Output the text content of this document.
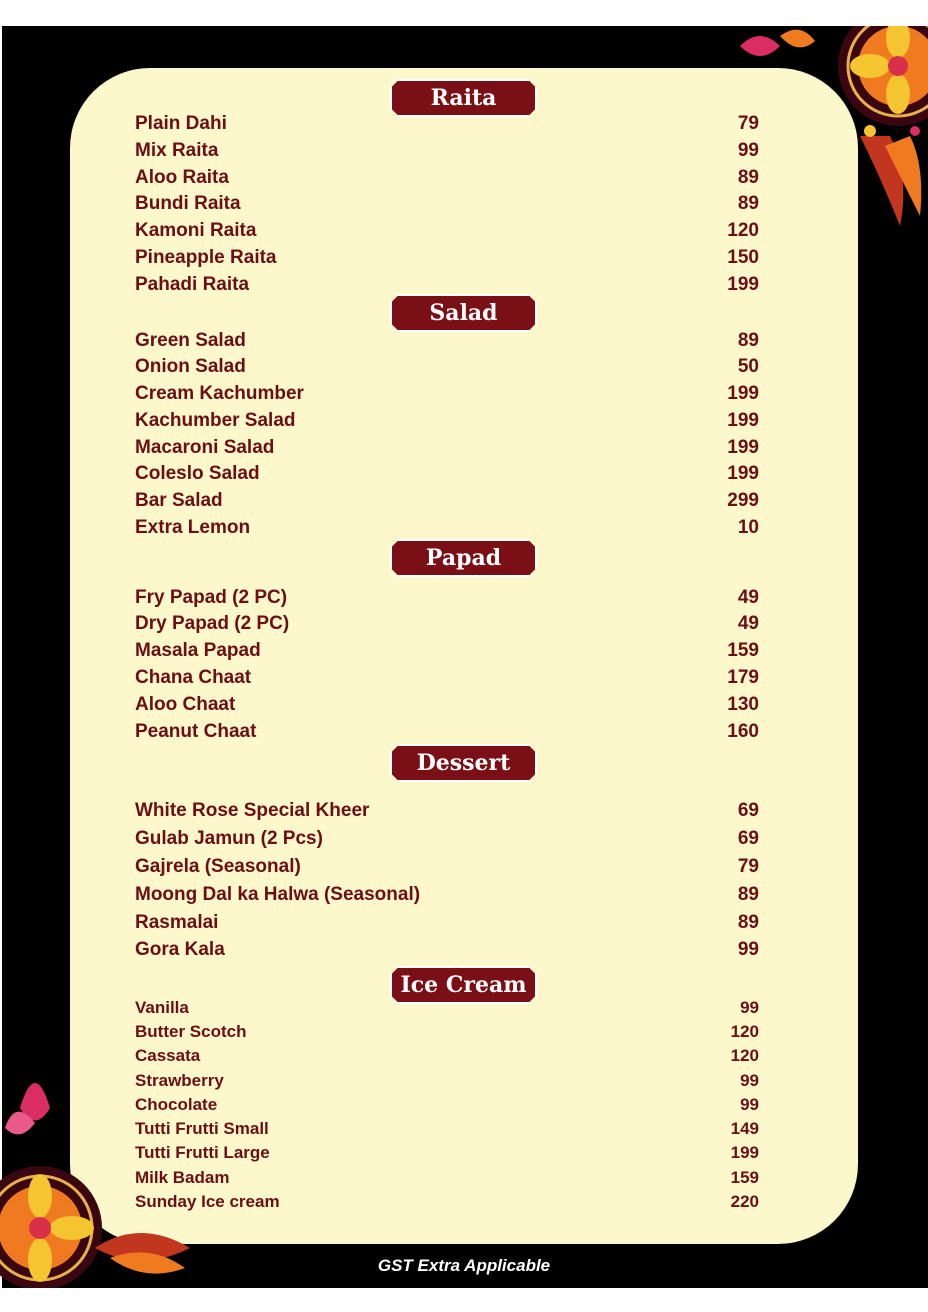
Raita
Plain Dahi	79
Mix Raita	99
Aloo Raita	89
Bundi Raita	89
Kamoni Raita	120
Pineapple Raita	150
Pahadi Raita	199
Salad
Green Salad	89
Onion Salad	50
Cream Kachumber	199
Kachumber Salad	199
Macaroni Salad	199
Coleslo Salad	199
Bar Salad	299
Extra Lemon	10
Papad
Fry Papad (2 PC)	49
Dry Papad (2 PC)	49
Masala Papad	159
Chana Chaat	179
Aloo Chaat	130
Peanut Chaat	160
Dessert
White Rose Special Kheer	69
Gulab Jamun (2 Pcs)	69
Gajrela (Seasonal)	79
Moong Dal ka Halwa (Seasonal)	89
Rasmalai	89
Gora Kala	99
Ice Cream
Vanilla	99
Butter Scotch	120
Cassata	120
Strawberry	99
Chocolate	99
Tutti Frutti Small	149
Tutti Frutti Large	199
Milk Badam	159
Sunday Ice cream	220
GST Extra Applicable
